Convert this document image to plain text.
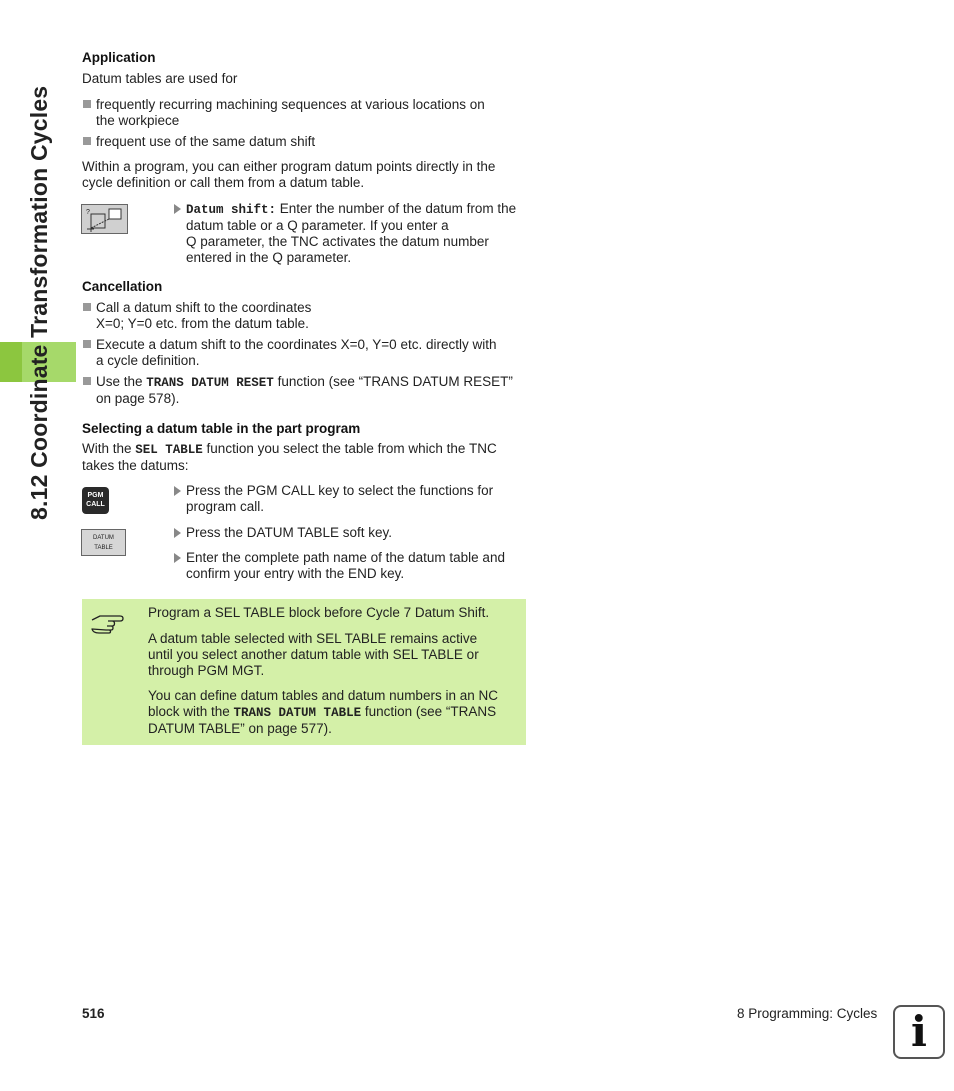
8.12 Coordinate Transformation Cycles
Application
Datum tables are used for
frequently recurring machining sequences at various locations on
the workpiece
frequent use of the same datum shift
Within a program, you can either program datum points directly in the
cycle definition or call them from a datum table.
?	Datum shift: Enter the number of the datum from the
datum table or a Q parameter. If you enter a
Q parameter, the TNC activates the datum number
entered in the Q parameter.
Cancellation
Call a datum shift to the coordinates
X=0; Y=0 etc. from the datum table.
Execute a datum shift to the coordinates X=0, Y=0 etc. directly with
a cycle definition.
Use the TRANS DATUM RESET function (see “TRANS DATUM RESET”
on page 578).
Selecting a datum table in the part program
With the SEL TABLE function you select the table from which the TNC
takes the datums:
PGM
CALL
Press the PGM CALL key to select the functions for
program call.
DATUM
TABLE
Press the DATUM TABLE soft key.
Enter the complete path name of the datum table and
confirm your entry with the END key.
Program a SEL TABLE block before Cycle 7 Datum Shift.
A datum table selected with SEL TABLE remains active
until you select another datum table with SEL TABLE or
through PGM MGT.
You can define datum tables and datum numbers in an NC
block with the TRANS DATUM TABLE function (see “TRANS
DATUM TABLE” on page 577).
516	8 Programming: Cycles i
